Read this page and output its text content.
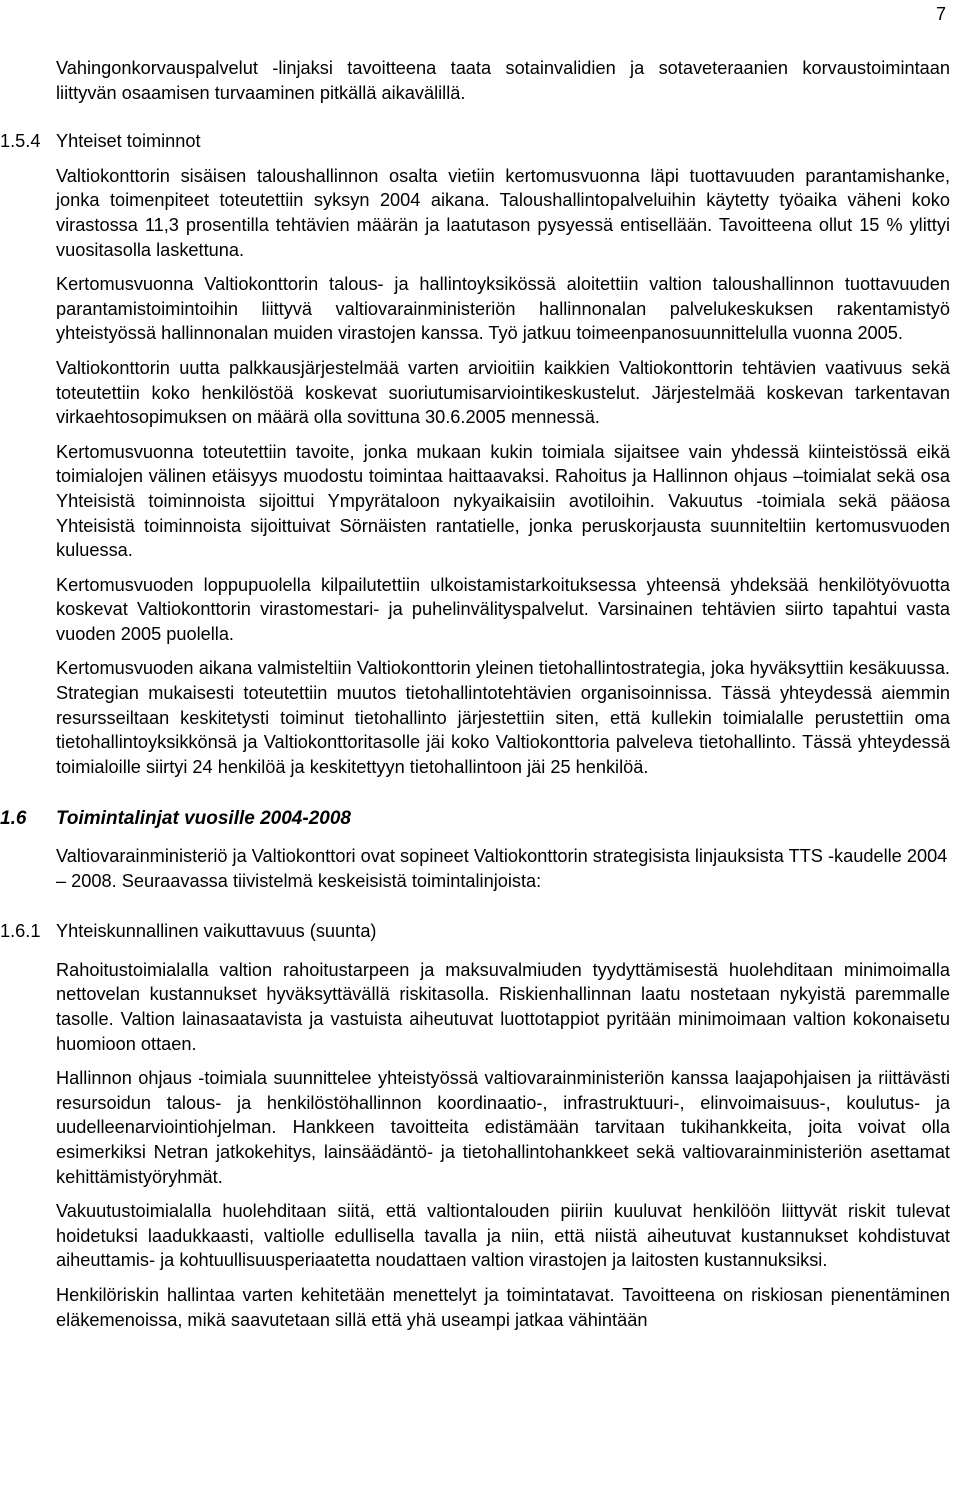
7

Vahingonkorvauspalvelut -linjaksi tavoitteena taata sotainvalidien ja sotaveteraanien korvaustoimintaan liittyvän osaamisen turvaaminen pitkällä aikavälillä.

1.5.4 Yhteiset toiminnot

Valtiokonttorin sisäisen taloushallinnon osalta vietiin kertomusvuonna läpi tuottavuuden parantamishanke, jonka toimenpiteet toteutettiin syksyn 2004 aikana. Taloushallintopalveluihin käytetty työaika väheni koko virastossa 11,3 prosentilla tehtävien määrän ja laatutason pysyessä entisellään. Tavoitteena ollut 15 % ylittyi vuositasolla laskettuna.

Kertomusvuonna Valtiokonttorin talous- ja hallintoyksikössä aloitettiin valtion taloushallinnon tuottavuuden parantamistoimintoihin liittyvä valtiovarainministeriön hallinnonalan palvelukeskuksen rakentamistyö yhteistyössä hallinnonalan muiden virastojen kanssa. Työ jatkuu toimeenpanosuunnittelulla vuonna 2005.

Valtiokonttorin uutta palkkausjärjestelmää varten arvioitiin kaikkien Valtiokonttorin tehtävien vaativuus sekä toteutettiin koko henkilöstöä koskevat suoriutumisarviointikeskustelut. Järjestelmää koskevan tarkentavan virkaehtosopimuksen on määrä olla sovittuna 30.6.2005 mennessä.

Kertomusvuonna toteutettiin tavoite, jonka mukaan kukin toimiala sijaitsee vain yhdessä kiinteistössä eikä toimialojen välinen etäisyys muodostu toimintaa haittaavaksi. Rahoitus ja Hallinnon ohjaus –toimialat sekä osa Yhteisistä toiminnoista sijoittui Ympyrätaloon nykyaikaisiin avotiloihin. Vakuutus -toimiala sekä pääosa Yhteisistä toiminnoista sijoittuivat Sörnäisten rantatielle, jonka peruskorjausta suunniteltiin kertomusvuoden kuluessa.

Kertomusvuoden loppupuolella kilpailutettiin ulkoistamistarkoituksessa yhteensä yhdeksää henkilötyövuotta koskevat Valtiokonttorin virastomestari- ja puhelinvälityspalvelut. Varsinainen tehtävien siirto tapahtui vasta vuoden 2005 puolella.

Kertomusvuoden aikana valmisteltiin Valtiokonttorin yleinen tietohallintostrategia, joka hyväksyttiin kesäkuussa. Strategian mukaisesti toteutettiin muutos tietohallintotehtävien organisoinnissa. Tässä yhteydessä aiemmin resursseiltaan keskitetysti toiminut tietohallinto järjestettiin siten, että kullekin toimialalle perustettiin oma tietohallintoyksikkönsä ja Valtiokonttoritasolle jäi koko Valtiokonttoria palveleva tietohallinto. Tässä yhteydessä toimialoille siirtyi 24 henkilöä ja keskitettyyn tietohallintoon jäi 25 henkilöä.

1.6 Toimintalinjat vuosille 2004-2008

Valtiovarainministeriö ja Valtiokonttori ovat sopineet Valtiokonttorin strategisista linjauksista TTS -kaudelle 2004 – 2008. Seuraavassa tiivistelmä keskeisistä toimintalinjoista:

1.6.1 Yhteiskunnallinen vaikuttavuus (suunta)

Rahoitustoimialalla valtion rahoitustarpeen ja maksuvalmiuden tyydyttämisestä huolehditaan minimoimalla nettovelan kustannukset hyväksyttävällä riskitasolla. Riskienhallinnan laatu nostetaan nykyistä paremmalle tasolle. Valtion lainasaatavista ja vastuista aiheutuvat luottotappiot pyritään minimoimaan valtion kokonaisetu huomioon ottaen.

Hallinnon ohjaus -toimiala suunnittelee yhteistyössä valtiovarainministeriön kanssa laajapohjaisen ja riittävästi resursoidun talous- ja henkilöstöhallinnon koordinaatio-, infrastruktuuri-, elinvoimaisuus-, koulutus- ja uudelleenarviointiohjelman. Hankkeen tavoitteita edistämään tarvitaan tukihankkeita, joita voivat olla esimerkiksi Netran jatkokehitys, lainsäädäntö- ja tietohallintohankkeet sekä valtiovarainministeriön asettamat kehittämistyöryhmät.

Vakuutustoimialalla huolehditaan siitä, että valtiontalouden piiriin kuuluvat henkilöön liittyvät riskit tulevat hoidetuksi laadukkaasti, valtiolle edullisella tavalla ja niin, että niistä aiheutuvat kustannukset kohdistuvat aiheuttamis- ja kohtuullisuusperiaatetta noudattaen valtion virastojen ja laitosten kustannuksiksi.

Henkilöriskin hallintaa varten kehitetään menettelyt ja toimintatavat. Tavoitteena on riskiosan pienentäminen eläkemenoissa, mikä saavutetaan sillä että yhä useampi jatkaa vähintään
